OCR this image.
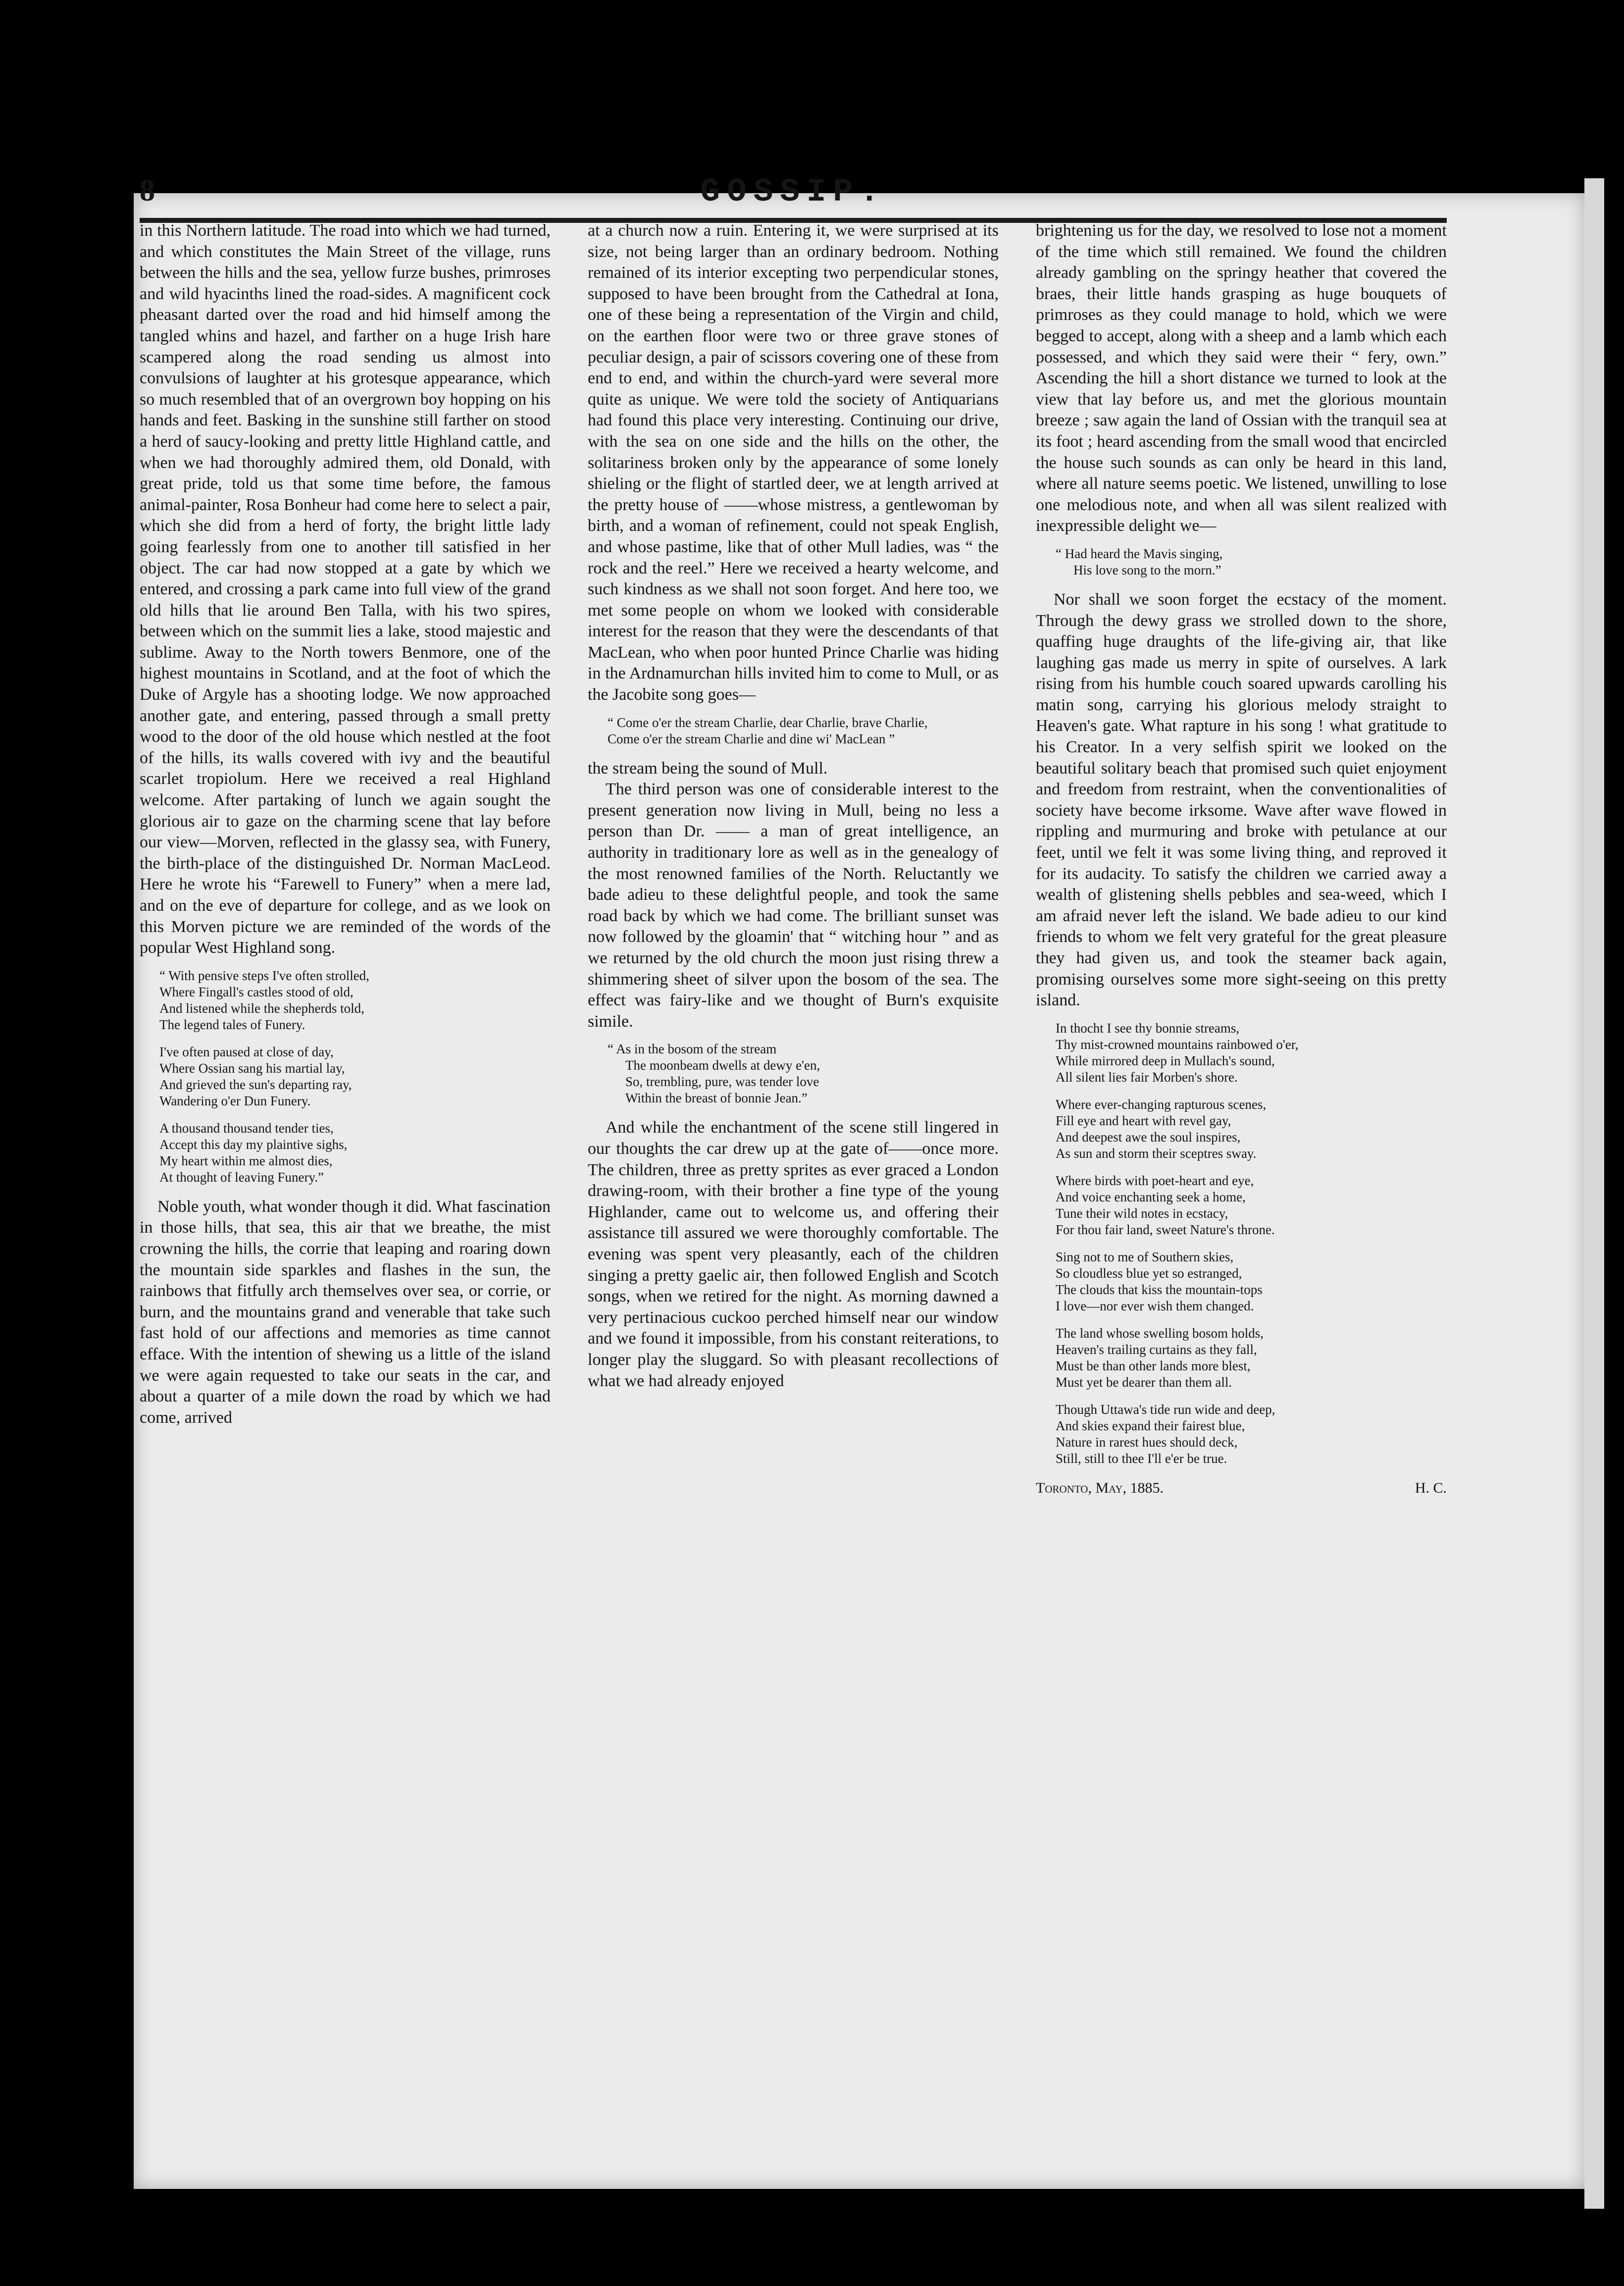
8	GOSSIP.

in this Northern latitude. The road into which we had turned, and which constitutes the Main Street of the village, runs between the hills and the sea, yellow furze bushes, primroses and wild hyacinths lined the road-sides. A magnificent cock pheasant darted over the road and hid himself among the tangled whins and hazel, and farther on a huge Irish hare scampered along the road sending us almost into convulsions of laughter at his grotesque appearance, which so much resembled that of an overgrown boy hopping on his hands and feet. Basking in the sunshine still farther on stood a herd of saucy-looking and pretty little Highland cattle, and when we had thoroughly admired them, old Donald, with great pride, told us that some time before, the famous animal-painter, Rosa Bonheur had come here to select a pair, which she did from a herd of forty, the bright little lady going fearlessly from one to another till satisfied in her object. The car had now stopped at a gate by which we entered, and crossing a park came into full view of the grand old hills that lie around Ben Talla, with his two spires, between which on the summit lies a lake, stood majestic and sublime. Away to the North towers Benmore, one of the highest mountains in Scotland, and at the foot of which the Duke of Argyle has a shooting lodge. We now approached another gate, and entering, passed through a small pretty wood to the door of the old house which nestled at the foot of the hills, its walls covered with ivy and the beautiful scarlet tropiolum. Here we received a real Highland welcome. After partaking of lunch we again sought the glorious air to gaze on the charming scene that lay before our view—Morven, reflected in the glassy sea, with Funery, the birth-place of the distinguished Dr. Norman MacLeod. Here he wrote his “Farewell to Funery” when a mere lad, and on the eve of departure for college, and as we look on this Morven picture we are reminded of the words of the popular West Highland song.

“ With pensive steps I've often strolled,
Where Fingall's castles stood of old,
And listened while the shepherds told,
The legend tales of Funery.
I've often paused at close of day,
Where Ossian sang his martial lay,
And grieved the sun's departing ray,
Wandering o'er Dun Funery.
A thousand thousand tender ties,
Accept this day my plaintive sighs,
My heart within me almost dies,
At thought of leaving Funery.”

Noble youth, what wonder though it did. What fascination in those hills, that sea, this air that we breathe, the mist crowning the hills, the corrie that leaping and roaring down the mountain side sparkles and flashes in the sun, the rainbows that fitfully arch themselves over sea, or corrie, or burn, and the mountains grand and venerable that take such fast hold of our affections and memories as time cannot efface. With the intention of shewing us a little of the island we were again requested to take our seats in the car, and about a quarter of a mile down the road by which we had come, arrived

at a church now a ruin. Entering it, we were surprised at its size, not being larger than an ordinary bedroom. Nothing remained of its interior excepting two perpendicular stones, supposed to have been brought from the Cathedral at Iona, one of these being a representation of the Virgin and child, on the earthen floor were two or three grave stones of peculiar design, a pair of scissors covering one of these from end to end, and within the church-yard were several more quite as unique. We were told the society of Antiquarians had found this place very interesting. Continuing our drive, with the sea on one side and the hills on the other, the solitariness broken only by the appearance of some lonely shieling or the flight of startled deer, we at length arrived at the pretty house of ——whose mistress, a gentlewoman by birth, and a woman of refinement, could not speak English, and whose pastime, like that of other Mull ladies, was “ the rock and the reel.” Here we received a hearty welcome, and such kindness as we shall not soon forget. And here too, we met some people on whom we looked with considerable interest for the reason that they were the descendants of that MacLean, who when poor hunted Prince Charlie was hiding in the Ardnamurchan hills invited him to come to Mull, or as the Jacobite song goes—

“ Come o'er the stream Charlie, dear Charlie, brave Charlie,
Come o'er the stream Charlie and dine wi' MacLean ”

the stream being the sound of Mull.

The third person was one of considerable interest to the present generation now living in Mull, being no less a person than Dr. —— a man of great intelligence, an authority in traditionary lore as well as in the genealogy of the most renowned families of the North. Reluctantly we bade adieu to these delightful people, and took the same road back by which we had come. The brilliant sunset was now followed by the gloamin' that “ witching hour ” and as we returned by the old church the moon just rising threw a shimmering sheet of silver upon the bosom of the sea. The effect was fairy-like and we thought of Burn's exquisite simile.

“ As in the bosom of the stream
The moonbeam dwells at dewy e'en,
So, trembling, pure, was tender love
Within the breast of bonnie Jean.”

And while the enchantment of the scene still lingered in our thoughts the car drew up at the gate of——once more. The children, three as pretty sprites as ever graced a London drawing-room, with their brother a fine type of the young Highlander, came out to welcome us, and offering their assistance till assured we were thoroughly comfortable. The evening was spent very pleasantly, each of the children singing a pretty gaelic air, then followed English and Scotch songs, when we retired for the night. As morning dawned a very pertinacious cuckoo perched himself near our window and we found it impossible, from his constant reiterations, to longer play the sluggard. So with pleasant recollections of what we had already enjoyed

brightening us for the day, we resolved to lose not a moment of the time which still remained. We found the children already gambling on the springy heather that covered the braes, their little hands grasping as huge bouquets of primroses as they could manage to hold, which we were begged to accept, along with a sheep and a lamb which each possessed, and which they said were their “ fery, own.” Ascending the hill a short distance we turned to look at the view that lay before us, and met the glorious mountain breeze ; saw again the land of Ossian with the tranquil sea at its foot ; heard ascending from the small wood that encircled the house such sounds as can only be heard in this land, where all nature seems poetic. We listened, unwilling to lose one melodious note, and when all was silent realized with inexpressible delight we—

“ Had heard the Mavis singing,
His love song to the morn.”

Nor shall we soon forget the ecstacy of the moment. Through the dewy grass we strolled down to the shore, quaffing huge draughts of the life-giving air, that like laughing gas made us merry in spite of ourselves. A lark rising from his humble couch soared upwards carolling his matin song, carrying his glorious melody straight to Heaven's gate. What rapture in his song ! what gratitude to his Creator. In a very selfish spirit we looked on the beautiful solitary beach that promised such quiet enjoyment and freedom from restraint, when the conventionalities of society have become irksome. Wave after wave flowed in rippling and murmuring and broke with petulance at our feet, until we felt it was some living thing, and reproved it for its audacity. To satisfy the children we carried away a wealth of glistening shells pebbles and sea-weed, which I am afraid never left the island. We bade adieu to our kind friends to whom we felt very grateful for the great pleasure they had given us, and took the steamer back again, promising ourselves some more sight-seeing on this pretty island.

In thocht I see thy bonnie streams,
Thy mist-crowned mountains rainbowed o'er,
While mirrored deep in Mullach's sound,
All silent lies fair Morben's shore.
Where ever-changing rapturous scenes,
Fill eye and heart with revel gay,
And deepest awe the soul inspires,
As sun and storm their sceptres sway.
Where birds with poet-heart and eye,
And voice enchanting seek a home,
Tune their wild notes in ecstacy,
For thou fair land, sweet Nature's throne.
Sing not to me of Southern skies,
So cloudless blue yet so estranged,
The clouds that kiss the mountain-tops
I love—nor ever wish them changed.
The land whose swelling bosom holds,
Heaven's trailing curtains as they fall,
Must be than other lands more blest,
Must yet be dearer than them all.
Though Uttawa's tide run wide and deep,
And skies expand their fairest blue,
Nature in rarest hues should deck,
Still, still to thee I'll e'er be true.
Toronto, May, 1885.	H. C.
